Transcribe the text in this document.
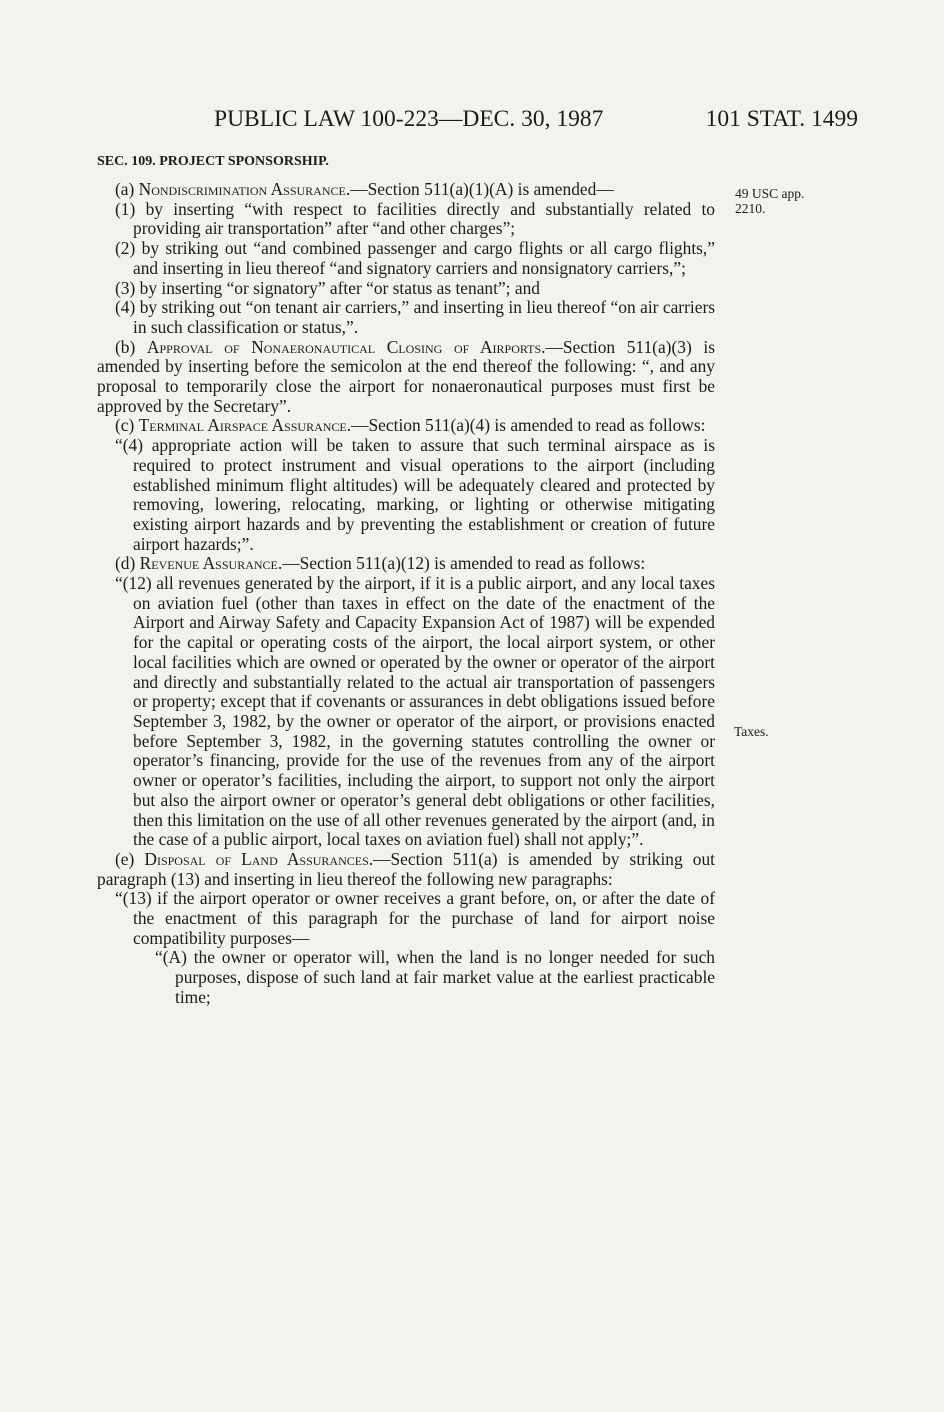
PUBLIC LAW 100-223—DEC. 30, 1987	101 STAT. 1499
SEC. 109. PROJECT SPONSORSHIP.
49 USC app. 2210.
Taxes.

(a) Nondiscrimination Assurance.—Section 511(a)(1)(A) is amended—

(1) by inserting “with respect to facilities directly and substantially related to providing air transportation” after “and other charges”;

(2) by striking out “and combined passenger and cargo flights or all cargo flights,” and inserting in lieu thereof “and signatory carriers and nonsignatory carriers,”;

(3) by inserting “or signatory” after “or status as tenant”; and

(4) by striking out “on tenant air carriers,” and inserting in lieu thereof “on air carriers in such classification or status,”.

(b) Approval of Nonaeronautical Closing of Airports.—Section 511(a)(3) is amended by inserting before the semicolon at the end thereof the following: “, and any proposal to temporarily close the airport for nonaeronautical purposes must first be approved by the Secretary”.

(c) Terminal Airspace Assurance.—Section 511(a)(4) is amended to read as follows:

“(4) appropriate action will be taken to assure that such terminal airspace as is required to protect instrument and visual operations to the airport (including established minimum flight altitudes) will be adequately cleared and protected by removing, lowering, relocating, marking, or lighting or otherwise mitigating existing airport hazards and by preventing the establishment or creation of future airport hazards;”.

(d) Revenue Assurance.—Section 511(a)(12) is amended to read as follows:

“(12) all revenues generated by the airport, if it is a public airport, and any local taxes on aviation fuel (other than taxes in effect on the date of the enactment of the Airport and Airway Safety and Capacity Expansion Act of 1987) will be expended for the capital or operating costs of the airport, the local airport system, or other local facilities which are owned or operated by the owner or operator of the airport and directly and substantially related to the actual air transportation of passengers or property; except that if covenants or assurances in debt obligations issued before September 3, 1982, by the owner or operator of the airport, or provisions enacted before September 3, 1982, in the governing statutes controlling the owner or operator’s financing, provide for the use of the revenues from any of the airport owner or operator’s facilities, including the airport, to support not only the airport but also the airport owner or operator’s general debt obligations or other facilities, then this limitation on the use of all other revenues generated by the airport (and, in the case of a public airport, local taxes on aviation fuel) shall not apply;”.

(e) Disposal of Land Assurances.—Section 511(a) is amended by striking out paragraph (13) and inserting in lieu thereof the following new paragraphs:

“(13) if the airport operator or owner receives a grant before, on, or after the date of the enactment of this paragraph for the purchase of land for airport noise compatibility purposes—

“(A) the owner or operator will, when the land is no longer needed for such purposes, dispose of such land at fair market value at the earliest practicable time;
